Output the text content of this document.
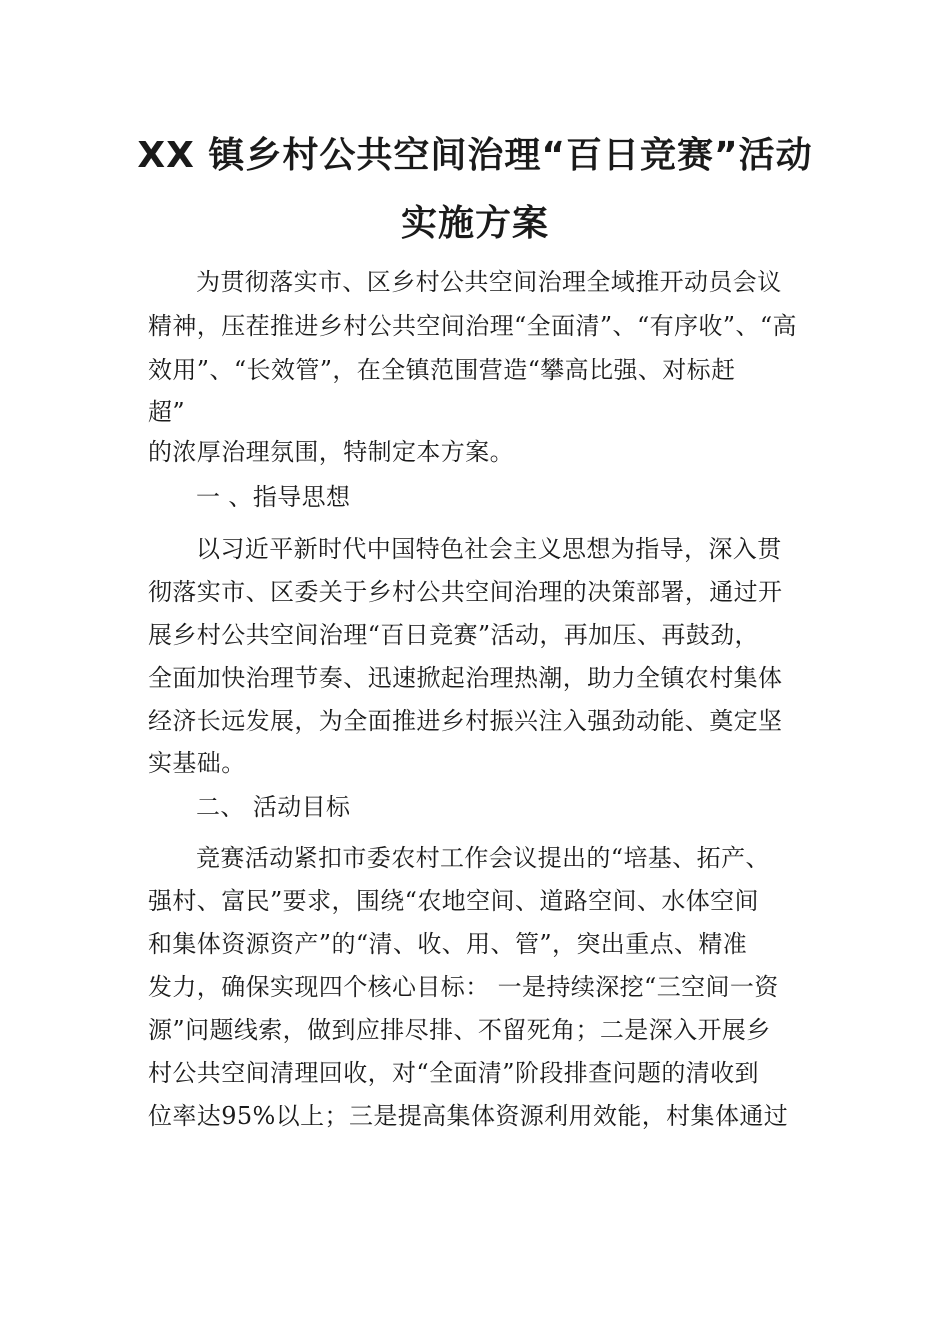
XX 镇乡村公共空间治理“百日竞赛”活动
实施方案
为贯彻落实市、区乡村公共空间治理全域推开动员会议
精神，压茬推进乡村公共空间治理“全面清”、“有序收”、“高
效用”、“长效管”，在全镇范围营造“攀高比强、对标赶
超”
的浓厚治理氛围，特制定本方案。
一 、指导思想
以习近平新时代中国特色社会主义思想为指导，深入贯
彻落实市、区委关于乡村公共空间治理的决策部署，通过开
展乡村公共空间治理“百日竞赛”活动，再加压、再鼓劲，
全面加快治理节奏、迅速掀起治理热潮，助力全镇农村集体
经济长远发展，为全面推进乡村振兴注入强劲动能、奠定坚
实基础。
二、 活动目标
竞赛活动紧扣市委农村工作会议提出的“培基、拓产、
强村、富民”要求，围绕“农地空间、道路空间、水体空间
和集体资源资产”的“清、收、用、管”，突出重点、精准
发力，确保实现四个核心目标： 一是持续深挖“三空间一资
源”问题线索，做到应排尽排、不留死角；二是深入开展乡
村公共空间清理回收，对“全面清”阶段排查问题的清收到
位率达95%以上；三是提高集体资源利用效能，村集体通过
